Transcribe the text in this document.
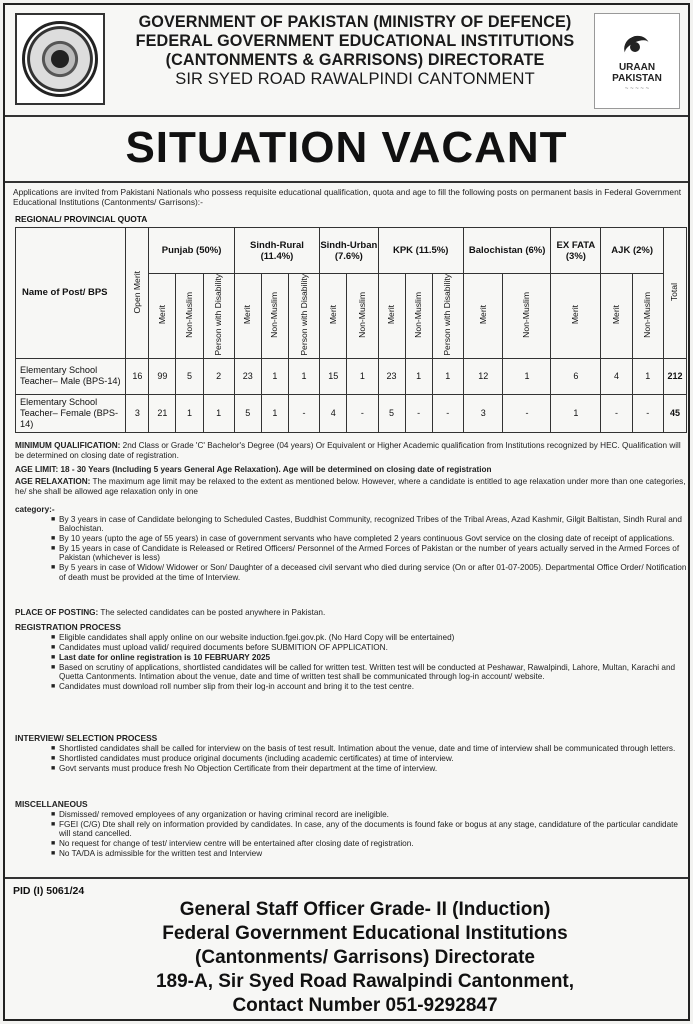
GOVERNMENT OF PAKISTAN (MINISTRY OF DEFENCE)
FEDERAL GOVERNMENT EDUCATIONAL INSTITUTIONS
(CANTONMENTS & GARRISONS) DIRECTORATE
SIR SYED ROAD RAWALPINDI CANTONMENT
URAAN
PAKISTAN
~ ~ ~ ~ ~
SITUATION VACANT
Applications are invited from Pakistani Nationals who possess requisite educational qualification, quota and age to fill the following posts on permanent basis in Federal Government Educational Institutions (Cantonments/ Garrisons):-
REGIONAL/ PROVINCIAL QUOTA
Name of Post/ BPS	Open Merit	Punjab (50%)			Sindh-Rural (11.4%)			Sindh-Urban (7.6%)		KPK (11.5%)			Balochistan (6%)		EX FATA (3%)	AJK (2%)		Total
		Merit	Non-Muslim	Person with Disability	Merit	Non-Muslim	Person with Disability	Merit	Non-Muslim	Merit	Non-Muslim	Person with Disability	Merit	Non-Muslim	Merit	Merit	Non-Muslim	
Elementary School Teacher– Male (BPS-14)	16	99	5	2	23	1	1	15	1	23	1	1	12	1	6	4	1	212
Elementary School Teacher– Female (BPS-14)	3	21	1	1	5	1	-	4	-	5	-	-	3	-	1	-	-	45
MINIMUM QUALIFICATION: 2nd Class or Grade 'C' Bachelor's Degree (04 years) Or Equivalent or Higher Academic qualification from Institutions recognized by HEC. Qualification will be determined on closing date of registration.
AGE LIMIT: 18 - 30 Years (Including 5 years General Age Relaxation). Age will be determined on closing date of registration
AGE RELAXATION: The maximum age limit may be relaxed to the extent as mentioned below. However, where a candidate is entitled to age relaxation under more than one categories, he/ she shall be allowed age relaxation only in one
category:-
■ By 3 years in case of Candidate belonging to Scheduled Castes, Buddhist Community, recognized Tribes of the Tribal Areas, Azad Kashmir, Gilgit Baltistan, Sindh Rural and Balochistan.
■ By 10 years (upto the age of 55 years) in case of government servants who have completed 2 years continuous Govt service on the closing date of receipt of applications.
■ By 15 years in case of Candidate is Released or Retired Officers/ Personnel of the Armed Forces of Pakistan or the number of years actually served in the Armed Forces of Pakistan (whichever is less)
■ By 5 years in case of Widow/ Widower or Son/ Daughter of a deceased civil servant who died during service (On or after 01-07-2005). Departmental Office Order/ Notification of death must be provided at the time of Interview.
PLACE OF POSTING: The selected candidates can be posted anywhere in Pakistan.
REGISTRATION PROCESS
■ Eligible candidates shall apply online on our website induction.fgei.gov.pk. (No Hard Copy will be entertained)
■ Candidates must upload valid/ required documents before SUBMITION OF APPLICATION.
■ Last date for online registration is 10 FEBRUARY 2025
■ Based on scrutiny of applications, shortlisted candidates will be called for written test. Written test will be conducted at Peshawar, Rawalpindi, Lahore, Multan, Karachi and Quetta Cantonments. Intimation about the venue, date and time of written test shall be communicated through log-in account/ website.
■ Candidates must download roll number slip from their log-in account and bring it to the test centre.
INTERVIEW/ SELECTION PROCESS
■ Shortlisted candidates shall be called for interview on the basis of test result. Intimation about the venue, date and time of interview shall be communicated through letters.
■ Shortlisted candidates must produce original documents (including academic certificates) at time of interview.
■ Govt servants must produce fresh No Objection Certificate from their department at the time of interview.
MISCELLANEOUS
■ Dismissed/ removed employees of any organization or having criminal record are ineligible.
■ FGEI (C/G) Dte shall rely on information provided by candidates. In case, any of the documents is found fake or bogus at any stage, candidature of the particular candidate will stand cancelled.
■ No request for change of test/ interview centre will be entertained after closing date of registration.
■ No TA/DA is admissible for the written test and Interview
PID (I) 5061/24
General Staff Officer Grade- II (Induction)
Federal Government Educational Institutions
(Cantonments/ Garrisons) Directorate
189-A, Sir Syed Road Rawalpindi Cantonment,
Contact Number 051-9292847
